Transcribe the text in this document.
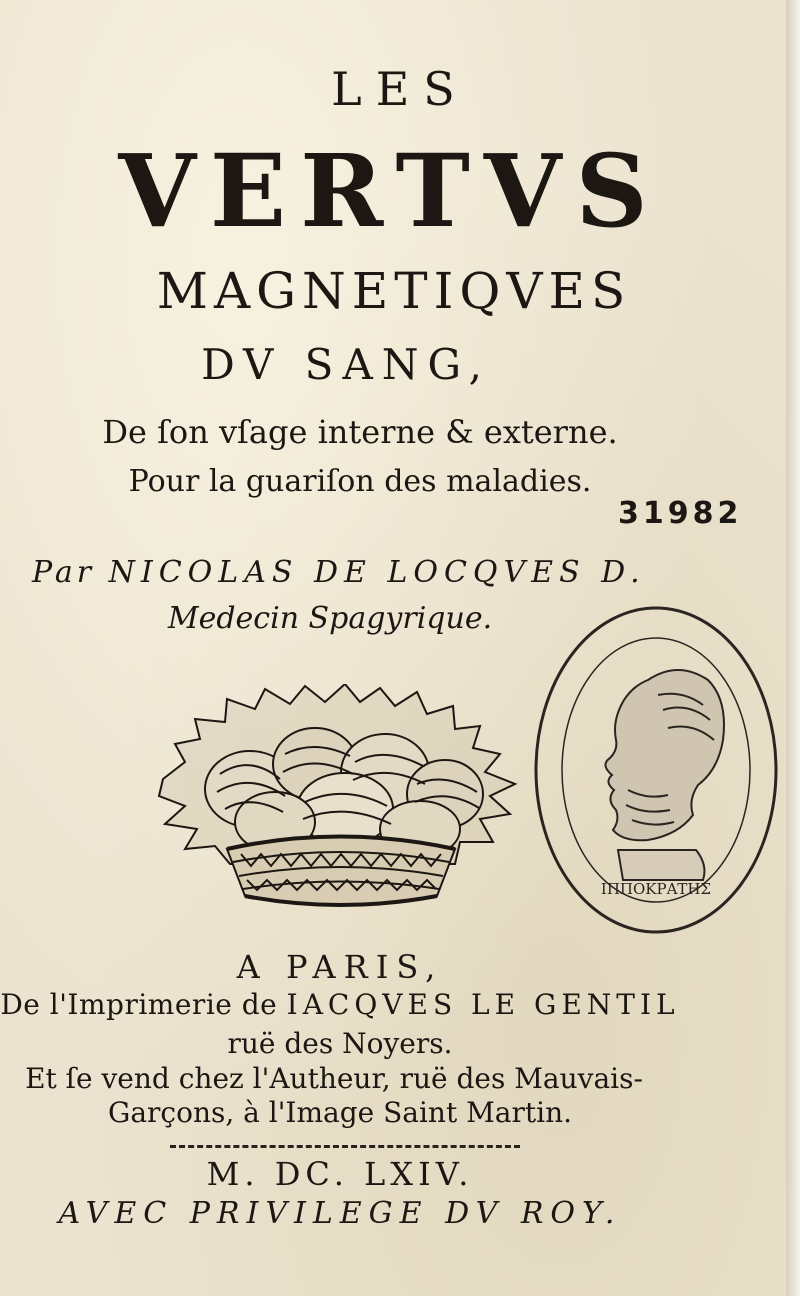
LES
VERTVS
MAGNETIQVES
DV SANG,
De ſon vſage interne & externe.
Pour la guariſon des maladies.
31982
Par NICOLAS DE LOCQVES D.
Medecin Spagyrique.
ΙΠΠΟΚΡΑΤΗΣ
A PARIS,
De l'Imprimerie de IACQVES LE GENTIL
ruë des Noyers.
Et ſe vend chez l'Autheur, ruë des Mauvais-
Garçons, à l'Image Saint Martin.
M. DC. LXIV.
AVEC PRIVILEGE DV ROY.
